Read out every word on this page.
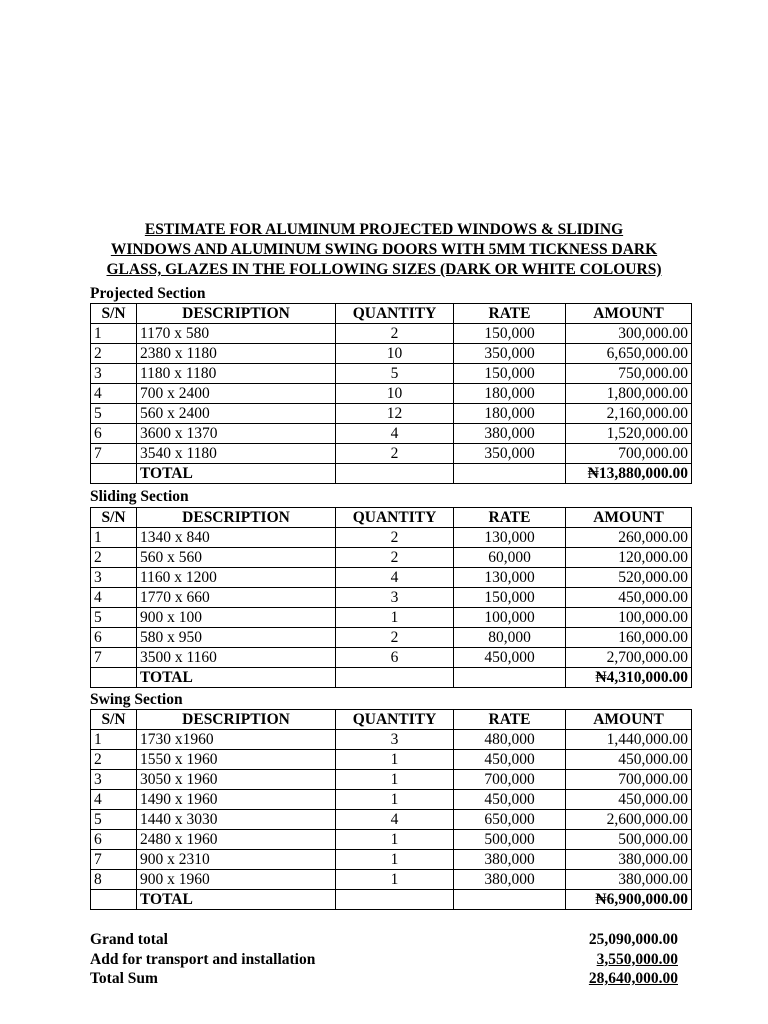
ESTIMATE FOR ALUMINUM PROJECTED WINDOWS & SLIDING
WINDOWS AND ALUMINUM SWING DOORS WITH 5MM TICKNESS DARK
GLASS, GLAZES IN THE FOLLOWING SIZES (DARK OR WHITE COLOURS)
Projected Section
S/N	DESCRIPTION	QUANTITY	RATE	AMOUNT
1	1170 x 580	2	150,000	300,000.00
2	2380 x 1180	10	350,000	6,650,000.00
3	1180 x 1180	5	150,000	750,000.00
4	700 x 2400	10	180,000	1,800,000.00
5	560 x 2400	12	180,000	2,160,000.00
6	3600 x 1370	4	380,000	1,520,000.00
7	3540 x 1180	2	350,000	700,000.00
	TOTAL			₦13,880,000.00
Sliding Section
S/N	DESCRIPTION	QUANTITY	RATE	AMOUNT
1	1340 x 840	2	130,000	260,000.00
2	560 x 560	2	60,000	120,000.00
3	1160 x 1200	4	130,000	520,000.00
4	1770 x 660	3	150,000	450,000.00
5	900 x 100	1	100,000	100,000.00
6	580 x 950	2	80,000	160,000.00
7	3500 x 1160	6	450,000	2,700,000.00
	TOTAL			₦4,310,000.00
Swing Section
S/N	DESCRIPTION	QUANTITY	RATE	AMOUNT
1	1730 x1960	3	480,000	1,440,000.00
2	1550 x 1960	1	450,000	450,000.00
3	3050 x 1960	1	700,000	700,000.00
4	1490 x 1960	1	450,000	450,000.00
5	1440 x 3030	4	650,000	2,600,000.00
6	2480 x 1960	1	500,000	500,000.00
7	900 x 2310	1	380,000	380,000.00
8	900 x 1960	1	380,000	380,000.00
	TOTAL			₦6,900,000.00
Grand total	25,090,000.00
Add for transport and installation	3,550,000.00
Total Sum	28,640,000.00
